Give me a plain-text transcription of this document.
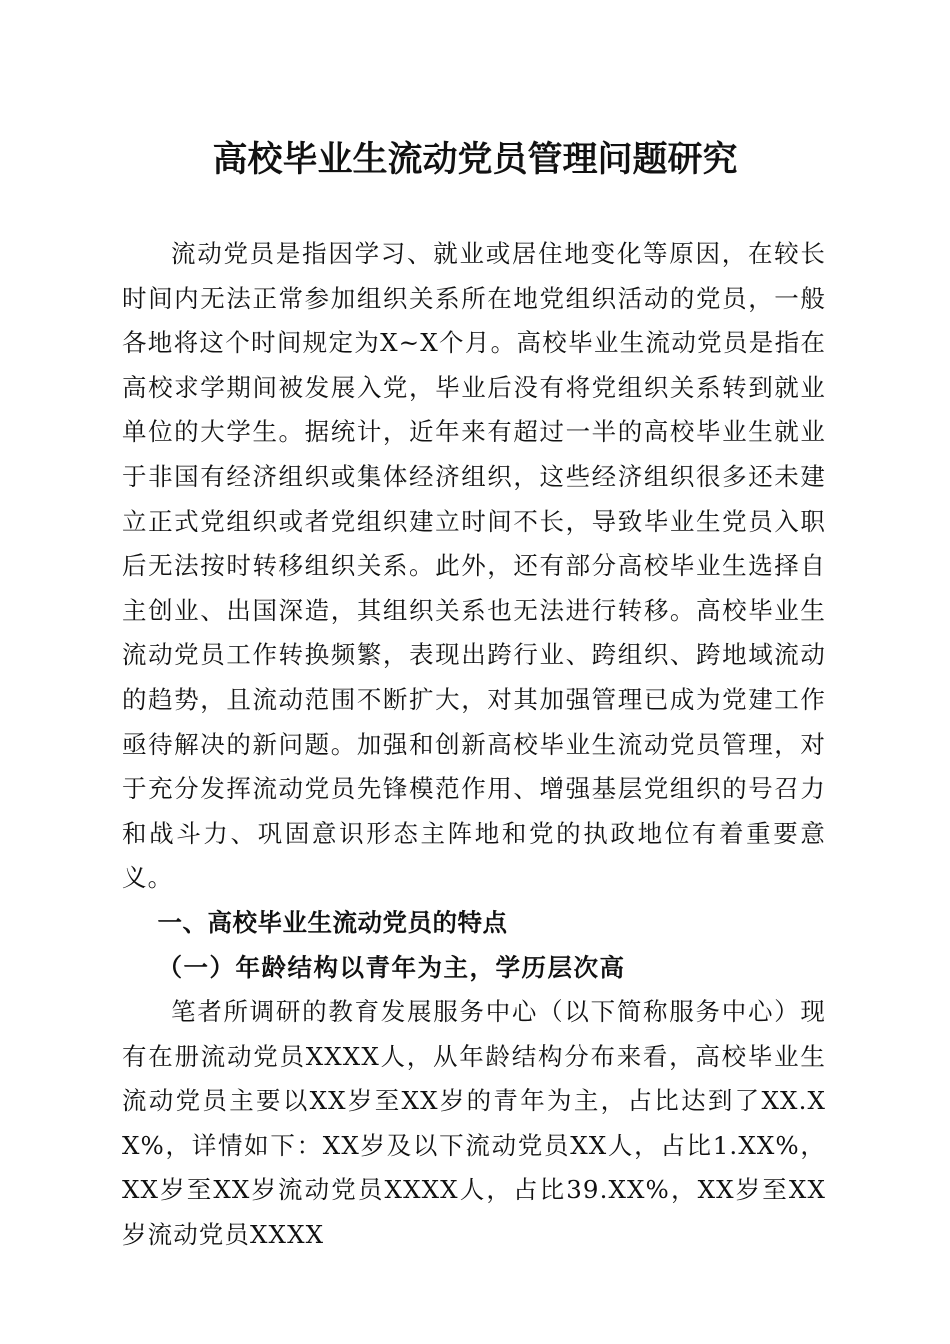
高校毕业生流动党员管理问题研究

流动党员是指因学习、就业或居住地变化等原因，在较长时间内无法正常参加组织关系所在地党组织活动的党员，一般各地将这个时间规定为X~X个月。高校毕业生流动党员是指在高校求学期间被发展入党，毕业后没有将党组织关系转到就业单位的大学生。据统计，近年来有超过一半的高校毕业生就业于非国有经济组织或集体经济组织，这些经济组织很多还未建立正式党组织或者党组织建立时间不长，导致毕业生党员入职后无法按时转移组织关系。此外，还有部分高校毕业生选择自主创业、出国深造，其组织关系也无法进行转移。高校毕业生流动党员工作转换频繁，表现出跨行业、跨组织、跨地域流动的趋势，且流动范围不断扩大，对其加强管理已成为党建工作亟待解决的新问题。加强和创新高校毕业生流动党员管理，对于充分发挥流动党员先锋模范作用、增强基层党组织的号召力和战斗力、巩固意识形态主阵地和党的执政地位有着重要意义。

一、高校毕业生流动党员的特点

（一）年龄结构以青年为主，学历层次高

笔者所调研的教育发展服务中心（以下简称服务中心）现有在册流动党员XXXX人，从年龄结构分布来看，高校毕业生流动党员主要以XX岁至XX岁的青年为主，占比达到了XX.XX%，详情如下：XX岁及以下流动党员XX人，占比1.XX%，XX岁至XX岁流动党员XXXX人，占比39.XX%，XX岁至XX岁流动党员XXXX
